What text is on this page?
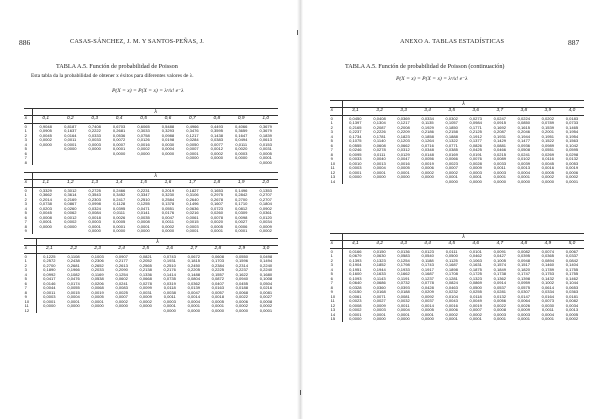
886	CASAS-SÁNCHEZ, J. M. Y SANTOS-PEÑAS, J.
TABLA A.5. Función de probabilidad de Poisson
Esta tabla da la probabilidad de obtener x éxitos para diferentes valores de λ.
P(X = x) = P(X = x) = λˣ/x! e⁻λ
	λ									
x	0,1	0,2	0,3	0,4	0,5	0,6	0,7	0,8	0,9	1,0
0	0,9048	0,8187	0,7408	0,6703	0,6065	0,5488	0,4966	0,4493	0,4066	0,3679
1	0,0905	0,1637	0,2222	0,2681	0,3033	0,3293	0,3476	0,3595	0,3659	0,3679
2	0,0045	0,0164	0,0333	0,0536	0,0758	0,0988	0,1217	0,1438	0,1647	0,1839
3	0,0002	0,0011	0,0033	0,0072	0,0126	0,0198	0,0284	0,0383	0,0494	0,0613
4	0,0000	0,0001	0,0003	0,0007	0,0016	0,0030	0,0050	0,0077	0,0111	0,0153
5		0,0000	0,0000	0,0001	0,0002	0,0004	0,0007	0,0012	0,0020	0,0031
6				0,0000	0,0000	0,0000	0,0001	0,0002	0,0003	0,0005
7							0,0000	0,0000	0,0000	0,0001
8										0,0000
	λ									
x	1,1	1,2	1,3	1,4	1,5	1,6	1,7	1,8	1,9	2,0
0	0,3329	0,3012	0,2725	0,2466	0,2231	0,2019	0,1827	0,1653	0,1496	0,1353
1	0,3662	0,3614	0,3543	0,3452	0,3347	0,3230	0,3106	0,2975	0,2842	0,2707
2	0,2014	0,2169	0,2303	0,2417	0,2510	0,2584	0,2640	0,2678	0,2700	0,2707
3	0,0738	0,0867	0,0998	0,1128	0,1255	0,1378	0,1496	0,1607	0,1710	0,1804
4	0,0203	0,0260	0,0324	0,0395	0,0471	0,0551	0,0636	0,0723	0,0812	0,0902
5	0,0045	0,0062	0,0084	0,0111	0,0141	0,0176	0,0216	0,0260	0,0309	0,0361
6	0,0008	0,0012	0,0018	0,0026	0,0035	0,0047	0,0061	0,0078	0,0098	0,0120
7	0,0001	0,0002	0,0003	0,0005	0,0008	0,0011	0,0015	0,0020	0,0027	0,0034
8	0,0000	0,0000	0,0001	0,0001	0,0001	0,0002	0,0003	0,0005	0,0006	0,0009
9			0,0000	0,0000	0,0000	0,0000	0,0001	0,0001	0,0001	0,0002
	λ									
x	2,1	2,2	2,3	2,4	2,5	2,6	2,7	2,8	2,9	3,0
0	0,1225	0,1108	0,1003	0,0907	0,0821	0,0743	0,0672	0,0608	0,0550	0,0498
1	0,2572	0,2438	0,2306	0,2177	0,2052	0,1931	0,1815	0,1703	0,1596	0,1494
2	0,2700	0,2681	0,2652	0,2613	0,2565	0,2510	0,2450	0,2384	0,2314	0,2240
3	0,1890	0,1966	0,2033	0,2090	0,2138	0,2176	0,2205	0,2225	0,2237	0,2240
4	0,0992	0,1082	0,1169	0,1254	0,1336	0,1414	0,1488	0,1557	0,1622	0,1680
5	0,0417	0,0476	0,0538	0,0602	0,0668	0,0735	0,0804	0,0872	0,0940	0,1008
6	0,0146	0,0174	0,0206	0,0241	0,0278	0,0319	0,0362	0,0407	0,0455	0,0504
7	0,0044	0,0055	0,0068	0,0083	0,0099	0,0118	0,0139	0,0163	0,0188	0,0216
8	0,0011	0,0015	0,0019	0,0025	0,0031	0,0038	0,0047	0,0057	0,0068	0,0081
9	0,0003	0,0004	0,0005	0,0007	0,0009	0,0011	0,0014	0,0018	0,0022	0,0027
10	0,0001	0,0001	0,0001	0,0002	0,0002	0,0003	0,0004	0,0005	0,0006	0,0008
11	0,0000	0,0000	0,0000	0,0000	0,0000	0,0001	0,0001	0,0001	0,0002	0,0002
12						0,0000	0,0000	0,0000	0,0000	0,0001
ANEXO A. TABLAS ESTADÍSTICAS	887
TABLA A.5. Función de probabilidad de Poisson (continuación)
P(X = x) = P(X = x) = λˣ/x! e⁻λ
	λ									
x	3,1	3,2	3,3	3,4	3,5	3,6	3,7	3,8	3,9	4,0
0	0,0450	0,0408	0,0369	0,0334	0,0302	0,0273	0,0247	0,0224	0,0202	0,0183
1	0,1397	0,1304	0,1217	0,1135	0,1057	0,0984	0,0915	0,0850	0,0789	0,0733
2	0,2165	0,2087	0,2008	0,1929	0,1850	0,1771	0,1692	0,1615	0,1539	0,1465
3	0,2237	0,2226	0,2209	0,2186	0,2158	0,2125	0,2087	0,2046	0,2001	0,1954
4	0,1734	0,1781	0,1823	0,1858	0,1888	0,1912	0,1931	0,1944	0,1951	0,1954
5	0,1075	0,1140	0,1203	0,1264	0,1322	0,1377	0,1429	0,1477	0,1522	0,1563
6	0,0555	0,0608	0,0662	0,0716	0,0771	0,0826	0,0881	0,0936	0,0989	0,1042
7	0,0246	0,0278	0,0312	0,0348	0,0385	0,0425	0,0466	0,0508	0,0551	0,0595
8	0,0095	0,0111	0,0129	0,0148	0,0169	0,0191	0,0215	0,0241	0,0269	0,0298
9	0,0033	0,0040	0,0047	0,0056	0,0066	0,0076	0,0089	0,0102	0,0116	0,0132
10	0,0010	0,0013	0,0016	0,0019	0,0023	0,0028	0,0033	0,0039	0,0045	0,0053
11	0,0003	0,0004	0,0005	0,0006	0,0007	0,0009	0,0011	0,0013	0,0016	0,0019
12	0,0001	0,0001	0,0001	0,0002	0,0002	0,0003	0,0003	0,0004	0,0005	0,0006
13	0,0000	0,0000	0,0000	0,0000	0,0001	0,0001	0,0001	0,0001	0,0002	0,0002
14					0,0000	0,0000	0,0000	0,0000	0,0000	0,0001
	λ									
x	4,1	4,2	4,3	4,4	4,5	4,6	4,7	4,8	4,9	5,0
0	0,0166	0,0150	0,0136	0,0123	0,0111	0,0101	0,0091	0,0082	0,0074	0,0067
1	0,0679	0,0630	0,0583	0,0540	0,0500	0,0462	0,0427	0,0395	0,0365	0,0337
2	0,1393	0,1323	0,1254	0,1188	0,1125	0,1063	0,1005	0,0948	0,0894	0,0842
3	0,1904	0,1852	0,1798	0,1743	0,1687	0,1631	0,1574	0,1517	0,1460	0,1404
4	0,1951	0,1944	0,1933	0,1917	0,1898	0,1875	0,1849	0,1820	0,1789	0,1755
5	0,1600	0,1633	0,1662	0,1687	0,1708	0,1725	0,1738	0,1747	0,1753	0,1755
6	0,1093	0,1143	0,1191	0,1237	0,1281	0,1323	0,1362	0,1398	0,1432	0,1462
7	0,0640	0,0686	0,0732	0,0778	0,0824	0,0869	0,0914	0,0959	0,1002	0,1044
8	0,0328	0,0360	0,0393	0,0428	0,0463	0,0500	0,0537	0,0575	0,0614	0,0653
9	0,0150	0,0168	0,0188	0,0209	0,0232	0,0255	0,0281	0,0307	0,0334	0,0363
10	0,0061	0,0071	0,0081	0,0092	0,0104	0,0118	0,0132	0,0147	0,0164	0,0181
11	0,0023	0,0027	0,0032	0,0037	0,0043	0,0049	0,0056	0,0064	0,0073	0,0082
12	0,0008	0,0009	0,0011	0,0014	0,0016	0,0019	0,0022	0,0026	0,0030	0,0034
13	0,0002	0,0003	0,0004	0,0005	0,0006	0,0007	0,0008	0,0009	0,0011	0,0013
14	0,0001	0,0001	0,0001	0,0001	0,0002	0,0002	0,0003	0,0003	0,0004	0,0005
15	0,0000	0,0000	0,0000	0,0000	0,0001	0,0001	0,0001	0,0001	0,0001	0,0002
